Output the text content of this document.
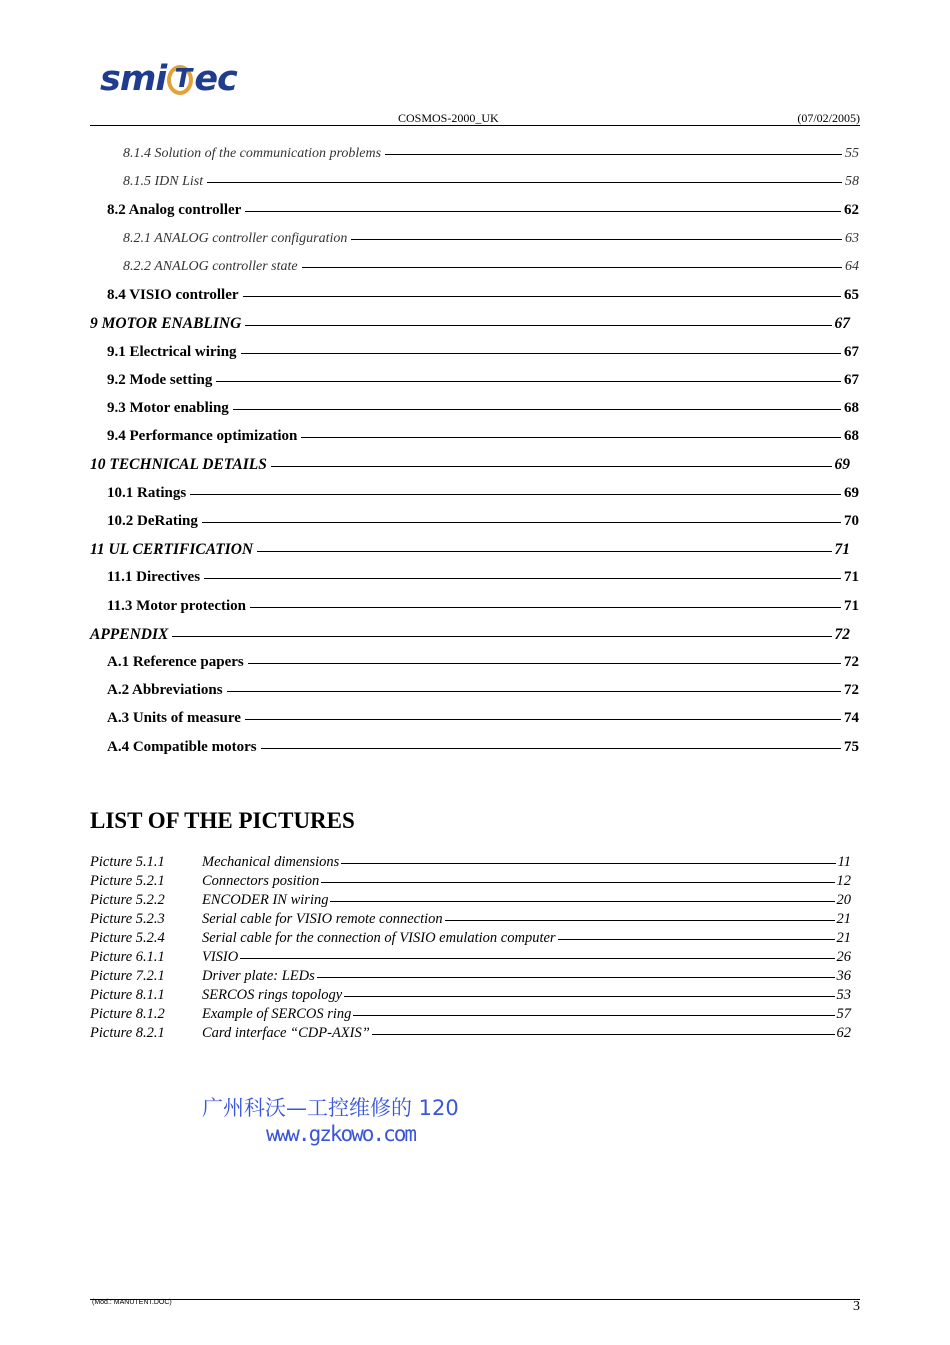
smi T ec
COSMOS-2000_UK	(07/02/2005)
8.1.4 Solution of the communication problems	55
8.1.5 IDN List	58
8.2 Analog controller	62
8.2.1 ANALOG controller configuration	63
8.2.2 ANALOG controller state	64
8.4 VISIO controller	65
9 MOTOR ENABLING	67
9.1 Electrical wiring	67
9.2 Mode setting	67
9.3 Motor enabling	68
9.4 Performance optimization	68
10 TECHNICAL DETAILS	69
10.1 Ratings	69
10.2 DeRating	70
11 UL CERTIFICATION	71
11.1 Directives	71
11.3 Motor protection	71
APPENDIX	72
A.1 Reference papers	72
A.2 Abbreviations	72
A.3 Units of measure	74
A.4 Compatible motors	75
LIST OF THE PICTURES
Picture 5.1.1	Mechanical dimensions	11
Picture 5.2.1	Connectors position	12
Picture 5.2.2	ENCODER IN wiring	20
Picture 5.2.3	Serial cable for VISIO remote connection	21
Picture 5.2.4	Serial cable for the connection of VISIO emulation computer	21
Picture 6.1.1	VISIO	26
Picture 7.2.1	Driver plate: LEDs	36
Picture 8.1.1	SERCOS rings topology	53
Picture 8.1.2	Example of SERCOS ring	57
Picture 8.2.1	Card interface “CDP-AXIS”	62
广州科沃—工控维修的 120
www.gzkowo.com
(Mod.: MANUTENT.DOC)	3
